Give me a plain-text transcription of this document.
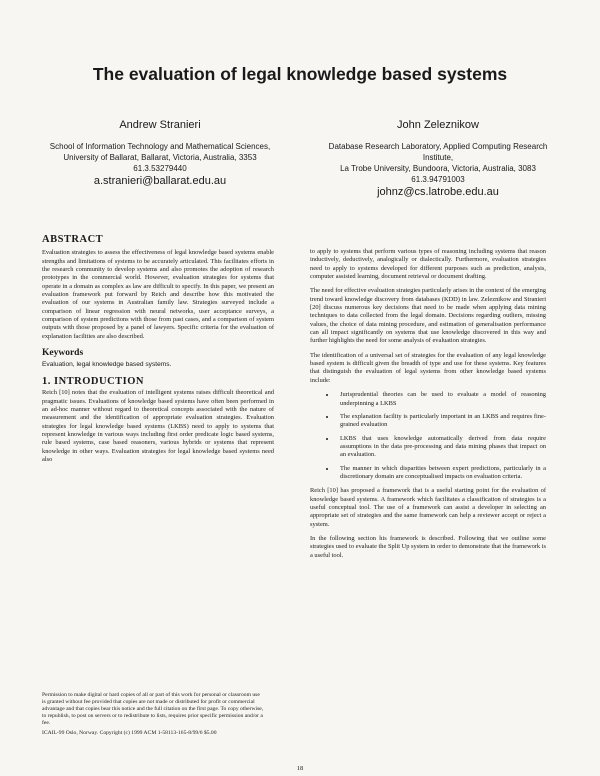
The evaluation of legal knowledge based systems
Andrew Stranieri
School of Information Technology and Mathematical Sciences,
University of Ballarat, Ballarat, Victoria, Australia, 3353
61.3.53279440
a.stranieri@ballarat.edu.au
John Zeleznikow
Database Research Laboratory, Applied Computing Research Institute,
La Trobe University, Bundoora, Victoria, Australia, 3083
61.3.94791003
johnz@cs.latrobe.edu.au
ABSTRACT

Evaluation strategies to assess the effectiveness of legal knowledge based systems enable strengths and limitations of systems to be accurately articulated. This facilitates efforts in the research community to develop systems and also promotes the adoption of research prototypes in the commercial world. However, evaluation strategies for systems that operate in a domain as complex as law are difficult to specify. In this paper, we present an evaluation framework put forward by Reich and describe how this motivated the evaluation of our systems in Australian family law. Strategies surveyed include a comparison of linear regression with neural networks, user acceptance surveys, a comparison of system predictions with those from past cases, and a comparison of system outputs with those proposed by a panel of lawyers. Specific criteria for the evaluation of explanation facilities are also described.

Keywords
Evaluation, legal knowledge based systems.
1. INTRODUCTION

Reich [10] notes that the evaluation of intelligent systems raises difficult theoretical and pragmatic issues. Evaluations of knowledge based systems have often been performed in an ad-hoc manner without regard to theoretical concepts associated with the nature of measurement and the identification of appropriate evaluation strategies. Evaluation strategies for legal knowledge based systems (LKBS) need to apply to systems that represent knowledge in various ways including first order predicate logic based systems, rule based systems, case based reasoners, various hybrids or systems that represent knowledge in other ways. Evaluation strategies for legal knowledge based systems need also

Permission to make digital or hard copies of all or part of this work for personal or classroom use is granted without fee provided that copies are not made or distributed for profit or commercial advantage and that copies bear this notice and the full citation on the first page. To copy otherwise, to republish, to post on servers or to redistribute to lists, requires prior specific permission and/or a fee.

ICAIL-99 Oslo, Norway. Copyright (c) 1999 ACM 1-58113-165-8/99/6 $5.00

to apply to systems that perform various types of reasoning including systems that reason inductively, deductively, analogically or dialectically. Furthermore, evaluation strategies need to apply to systems developed for different purposes such as prediction, analysis, computer assisted learning, document retrieval or document drafting.

The need for effective evaluation strategies particularly arises in the context of the emerging trend toward knowledge discovery from databases (KDD) in law. Zeleznikow and Stranieri [20] discuss numerous key decisions that need to be made when applying data mining techniques to data collected from the legal domain. Decisions regarding outliers, missing values, the choice of data mining procedure, and estimation of generalisation performance can all impact significantly on systems that use knowledge discovered in this way and further highlights the need for some analysis of evaluation strategies.

The identification of a universal set of strategies for the evaluation of any legal knowledge based system is difficult given the breadth of type and use for these systems. Key features that distinguish the evaluation of legal systems from other knowledge based systems include:

• Jurisprudential theories can be used to evaluate a model of reasoning underpinning a LKBS
• The explanation facility is particularly important in an LKBS and requires fine-grained evaluation
• LKBS that uses knowledge automatically derived from data require assumptions in the data pre-processing and data mining phases that impact on an evaluation.
• The manner in which disparities between expert predictions, particularly in a discretionary domain are conceptualised impacts on evaluation criteria.

Reich [10] has proposed a framework that is a useful starting point for the evaluation of knowledge based systems. A framework which facilitates a classification of strategies is a useful conceptual tool. The use of a framework can assist a developer in selecting an appropriate set of strategies and the same framework can help a reviewer accept or reject a system.

In the following section his framework is described. Following that we outline some strategies used to evaluate the Split Up system in order to demonstrate that the framework is a useful tool.

18
